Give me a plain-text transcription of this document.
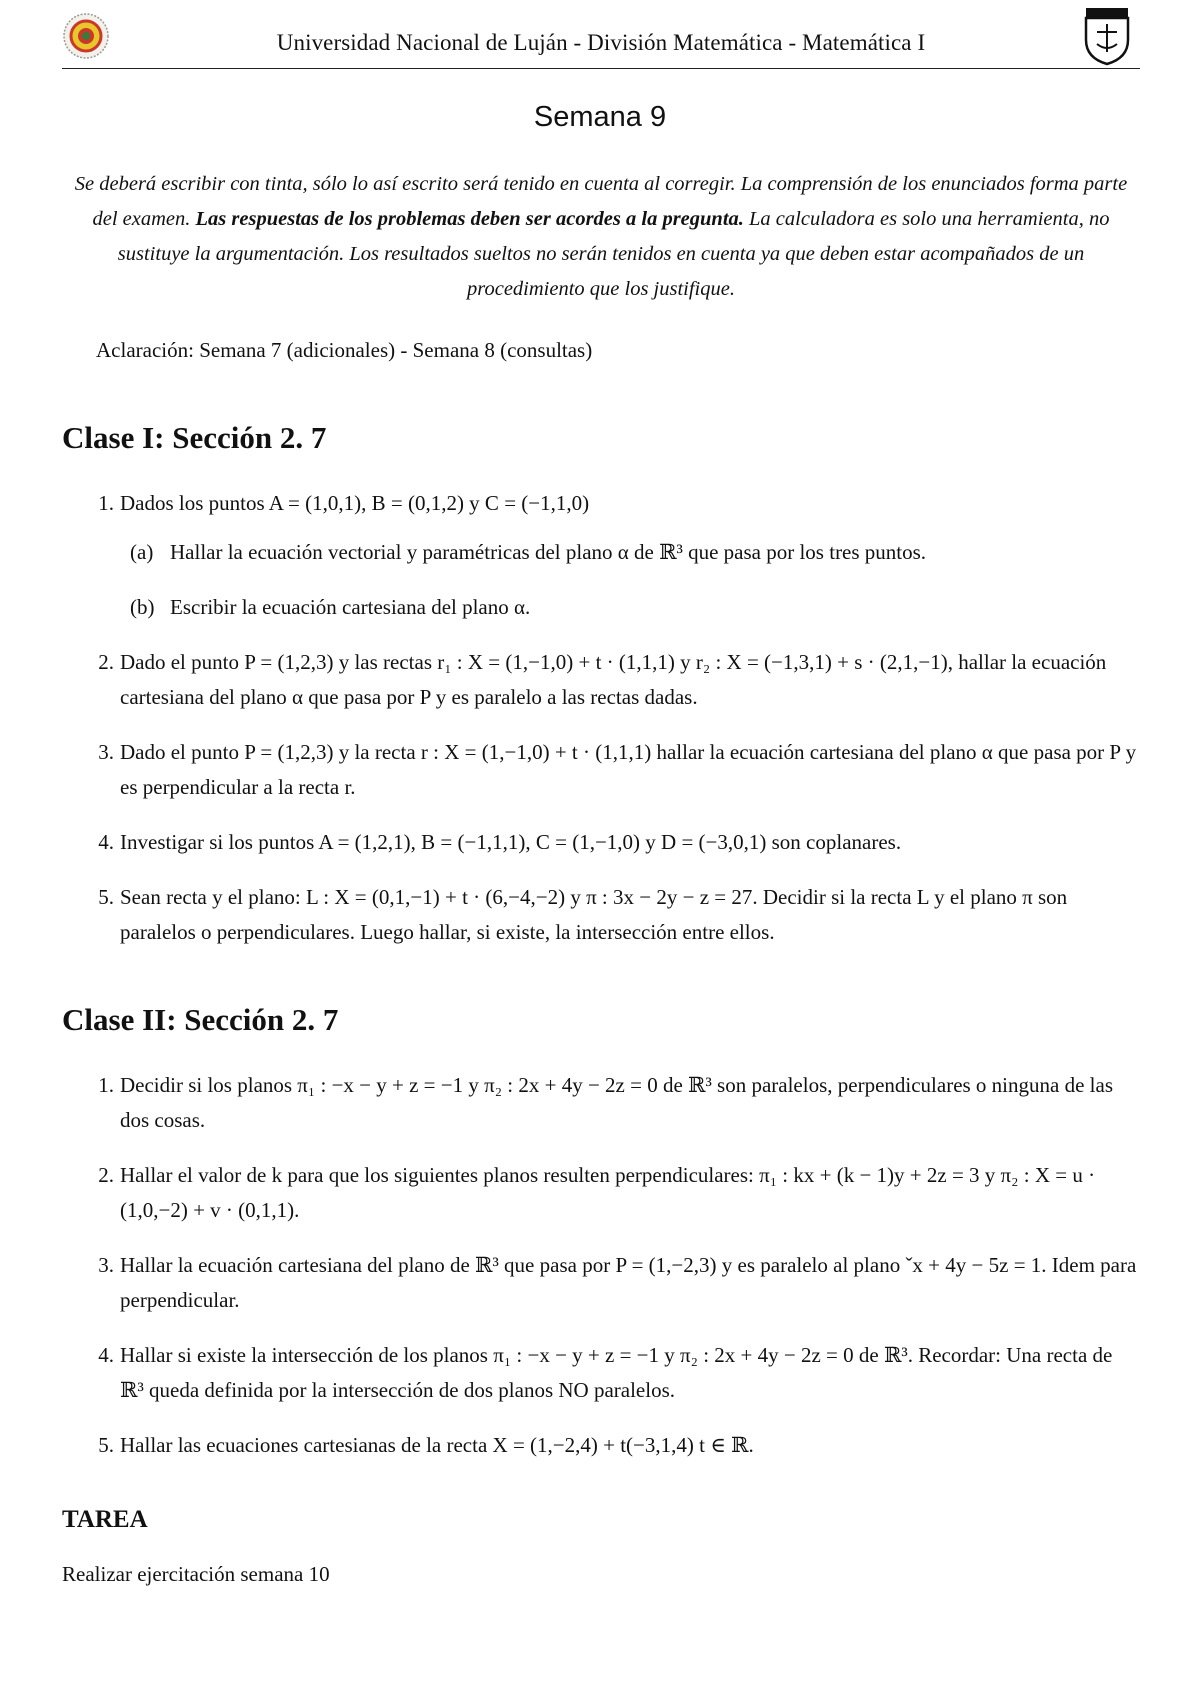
Universidad Nacional de Luján - División Matemática - Matemática I
Semana 9
Se deberá escribir con tinta, sólo lo así escrito será tenido en cuenta al corregir. La comprensión de los enunciados forma parte del examen. Las respuestas de los problemas deben ser acordes a la pregunta. La calculadora es solo una herramienta, no sustituye la argumentación. Los resultados sueltos no serán tenidos en cuenta ya que deben estar acompañados de un procedimiento que los justifique.
Aclaración: Semana 7 (adicionales) - Semana 8 (consultas)
Clase I: Sección 2. 7
1. Dados los puntos A = (1,0,1), B = (0,1,2) y C = (−1,1,0)
(a) Hallar la ecuación vectorial y paramétricas del plano α de ℝ³ que pasa por los tres puntos.
(b) Escribir la ecuación cartesiana del plano α.
2. Dado el punto P = (1,2,3) y las rectas r₁ : X = (1,−1,0) + t · (1,1,1) y r₂ : X = (−1,3,1) + s · (2,1,−1), hallar la ecuación cartesiana del plano α que pasa por P y es paralelo a las rectas dadas.
3. Dado el punto P = (1,2,3) y la recta r : X = (1,−1,0) + t · (1,1,1) hallar la ecuación cartesiana del plano α que pasa por P y es perpendicular a la recta r.
4. Investigar si los puntos A = (1,2,1), B = (−1,1,1), C = (1,−1,0) y D = (−3,0,1) son coplanares.
5. Sean recta y el plano: L : X = (0,1,−1) + t · (6,−4,−2) y π : 3x − 2y − z = 27. Decidir si la recta L y el plano π son paralelos o perpendiculares. Luego hallar, si existe, la intersección entre ellos.
Clase II: Sección 2. 7
1. Decidir si los planos π₁ : −x − y + z = −1 y π₂ : 2x + 4y − 2z = 0 de ℝ³ son paralelos, perpendiculares o ninguna de las dos cosas.
2. Hallar el valor de k para que los siguientes planos resulten perpendiculares: π₁ : kx + (k − 1)y + 2z = 3 y π₂ : X = u · (1,0,−2) + v · (0,1,1).
3. Hallar la ecuación cartesiana del plano de ℝ³ que pasa por P = (1,−2,3) y es paralelo al plano ˇx + 4y − 5z = 1. Idem para perpendicular.
4. Hallar si existe la intersección de los planos π₁ : −x − y + z = −1 y π₂ : 2x + 4y − 2z = 0 de ℝ³. Recordar: Una recta de ℝ³ queda definida por la intersección de dos planos NO paralelos.
5. Hallar las ecuaciones cartesianas de la recta X = (1,−2,4) + t(−3,1,4) t ∈ ℝ.
TAREA
Realizar ejercitación semana 10
